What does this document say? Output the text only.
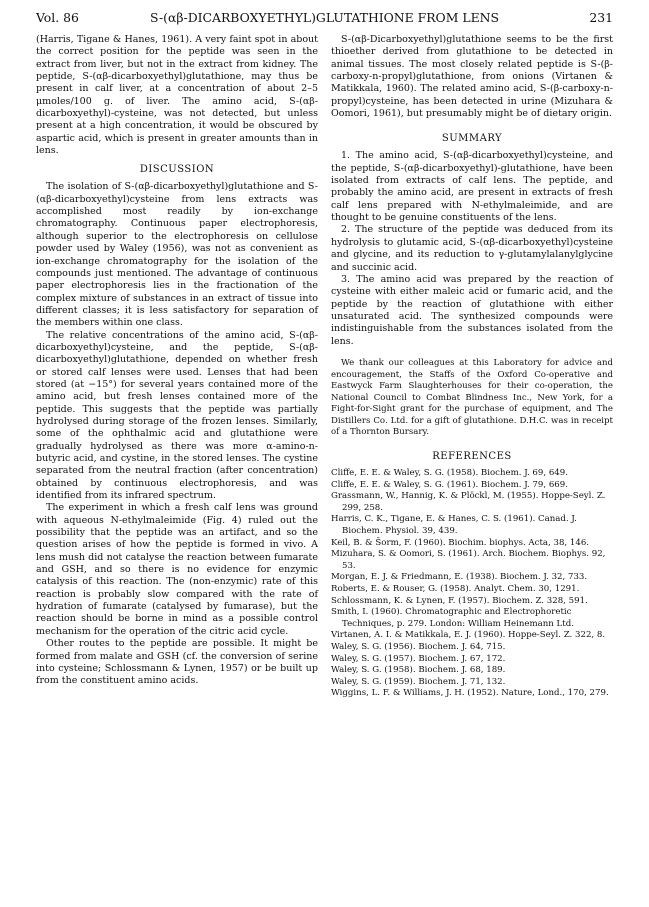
Vol. 86	S-(αβ-DICARBOXYETHYL)GLUTATHIONE FROM LENS	231

(Harris, Tigane & Hanes, 1961). A very faint spot in about the correct position for the peptide was seen in the extract from liver, but not in the extract from kidney. The peptide, S-(αβ-dicarboxyethyl)glutathione, may thus be present in calf liver, at a concentration of about 2–5 μmoles/100 g. of liver. The amino acid, S-(αβ-dicarboxyethyl)-cysteine, was not detected, but unless present at a high concentration, it would be obscured by aspartic acid, which is present in greater amounts than in lens.

DISCUSSION

The isolation of S-(αβ-dicarboxyethyl)glutathione and S-(αβ-dicarboxyethyl)cysteine from lens extracts was accomplished most readily by ion-exchange chromatography. Continuous paper electrophoresis, although superior to the electrophoresis on cellulose powder used by Waley (1956), was not as convenient as ion-exchange chromatography for the isolation of the compounds just mentioned. The advantage of continuous paper electrophoresis lies in the fractionation of the complex mixture of substances in an extract of tissue into different classes; it is less satisfactory for separation of the members within one class.

The relative concentrations of the amino acid, S-(αβ-dicarboxyethyl)cysteine, and the peptide, S-(αβ-dicarboxyethyl)glutathione, depended on whether fresh or stored calf lenses were used. Lenses that had been stored (at −15°) for several years contained more of the amino acid, but fresh lenses contained more of the peptide. This suggests that the peptide was partially hydrolysed during storage of the frozen lenses. Similarly, some of the ophthalmic acid and glutathione were gradually hydrolysed as there was more α-amino-n-butyric acid, and cystine, in the stored lenses. The cystine separated from the neutral fraction (after concentration) obtained by continuous electrophoresis, and was identified from its infrared spectrum.

The experiment in which a fresh calf lens was ground with aqueous N-ethylmaleimide (Fig. 4) ruled out the possibility that the peptide was an artifact, and so the question arises of how the peptide is formed in vivo. A lens mush did not catalyse the reaction between fumarate and GSH, and so there is no evidence for enzymic catalysis of this reaction. The (non-enzymic) rate of this reaction is probably slow compared with the rate of hydration of fumarate (catalysed by fumarase), but the reaction should be borne in mind as a possible control mechanism for the operation of the citric acid cycle.

Other routes to the peptide are possible. It might be formed from malate and GSH (cf. the conversion of serine into cysteine; Schlossmann & Lynen, 1957) or be built up from the constituent amino acids.

S-(αβ-Dicarboxyethyl)glutathione seems to be the first thioether derived from glutathione to be detected in animal tissues. The most closely related peptide is S-(β-carboxy-n-propyl)glutathione, from onions (Virtanen & Matikkala, 1960). The related amino acid, S-(β-carboxy-n-propyl)cysteine, has been detected in urine (Mizuhara & Oomori, 1961), but presumably might be of dietary origin.

SUMMARY

1. The amino acid, S-(αβ-dicarboxyethyl)cysteine, and the peptide, S-(αβ-dicarboxyethyl)-glutathione, have been isolated from extracts of calf lens. The peptide, and probably the amino acid, are present in extracts of fresh calf lens prepared with N-ethylmaleimide, and are thought to be genuine constituents of the lens.

2. The structure of the peptide was deduced from its hydrolysis to glutamic acid, S-(αβ-dicarboxyethyl)cysteine and glycine, and its reduction to γ-glutamylalanylglycine and succinic acid.

3. The amino acid was prepared by the reaction of cysteine with either maleic acid or fumaric acid, and the peptide by the reaction of glutathione with either unsaturated acid. The synthesized compounds were indistinguishable from the substances isolated from the lens.

We thank our colleagues at this Laboratory for advice and encouragement, the Staffs of the Oxford Co-operative and Eastwyck Farm Slaughterhouses for their co-operation, the National Council to Combat Blindness Inc., New York, for a Fight-for-Sight grant for the purchase of equipment, and The Distillers Co. Ltd. for a gift of glutathione. D.H.C. was in receipt of a Thornton Bursary.
REFERENCES
Cliffe, E. E. & Waley, S. G. (1958). Biochem. J. 69, 649.
Cliffe, E. E. & Waley, S. G. (1961). Biochem. J. 79, 669.
Grassmann, W., Hannig, K. & Plöckl, M. (1955). Hoppe-Seyl. Z. 299, 258.
Harris, C. K., Tigane, E. & Hanes, C. S. (1961). Canad. J. Biochem. Physiol. 39, 439.
Keil, B. & Šorm, F. (1960). Biochim. biophys. Acta, 38, 146.
Mizuhara, S. & Oomori, S. (1961). Arch. Biochem. Biophys. 92, 53.
Morgan, E. J. & Friedmann, E. (1938). Biochem. J. 32, 733.
Roberts, E. & Rouser, G. (1958). Analyt. Chem. 30, 1291.
Schlossmann, K. & Lynen, F. (1957). Biochem. Z. 328, 591.
Smith, I. (1960). Chromatographic and Electrophoretic Techniques, p. 279. London: William Heinemann Ltd.
Virtanen, A. I. & Matikkala, E. J. (1960). Hoppe-Seyl. Z. 322, 8.
Waley, S. G. (1956). Biochem. J. 64, 715.
Waley, S. G. (1957). Biochem. J. 67, 172.
Waley, S. G. (1958). Biochem. J. 68, 189.
Waley, S. G. (1959). Biochem. J. 71, 132.
Wiggins, L. F. & Williams, J. H. (1952). Nature, Lond., 170, 279.
